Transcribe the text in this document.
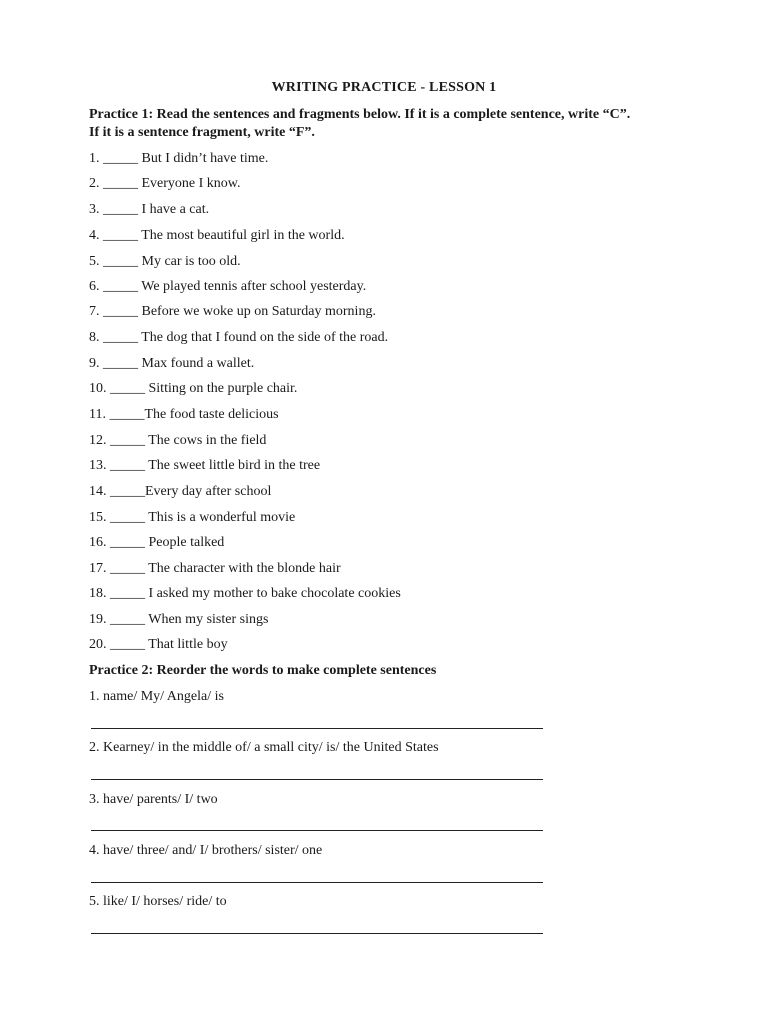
WRITING PRACTICE - LESSON 1
Practice 1: Read the sentences and fragments below. If it is a complete sentence, write “C”.
If it is a sentence fragment, write “F”.
1. _____ But I didn’t have time.
2. _____ Everyone I know.
3. _____ I have a cat.
4. _____ The most beautiful girl in the world.
5. _____ My car is too old.
6. _____ We played tennis after school yesterday.
7. _____ Before we woke up on Saturday morning.
8. _____ The dog that I found on the side of the road.
9. _____ Max found a wallet.
10. _____ Sitting on the purple chair.
11. _____The food taste delicious
12. _____ The cows in the field
13. _____ The sweet little bird in the tree
14. _____Every day after school
15. _____ This is a wonderful movie
16. _____ People talked
17. _____ The character with the blonde hair
18. _____ I asked my mother to bake chocolate cookies
19. _____ When my sister sings
20. _____ That little boy
Practice 2: Reorder the words to make complete sentences
1. name/ My/ Angela/ is
2. Kearney/ in the middle of/ a small city/ is/ the United States
3. have/ parents/ I/ two
4. have/ three/ and/ I/ brothers/ sister/ one
5. like/ I/ horses/ ride/ to
